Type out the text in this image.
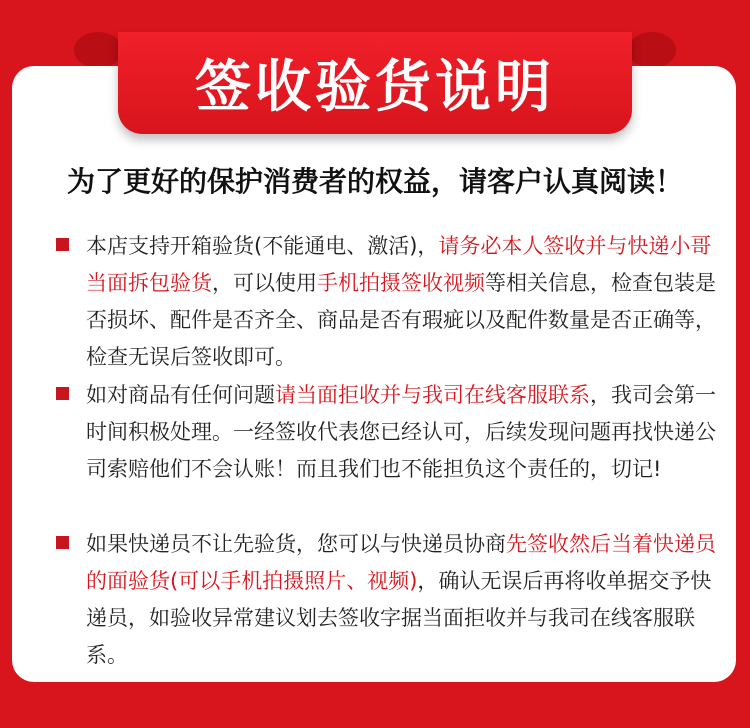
签收验货说明
为了更好的保护消费者的权益，请客户认真阅读！
本店支持开箱验货(不能通电、激活)，请务必本人签收并与快递小哥当面拆包验货，可以使用手机拍摄签收视频等相关信息，检查包装是否损坏、配件是否齐全、商品是否有瑕疵以及配件数量是否正确等，检查无误后签收即可。
如对商品有任何问题请当面拒收并与我司在线客服联系，我司会第一时间积极处理。一经签收代表您已经认可，后续发现问题再找快递公司索赔他们不会认账！而且我们也不能担负这个责任的，切记!
如果快递员不让先验货，您可以与快递员协商先签收然后当着快递员的面验货(可以手机拍摄照片、视频)，确认无误后再将收单据交予快递员，如验收异常建议划去签收字据当面拒收并与我司在线客服联系。
